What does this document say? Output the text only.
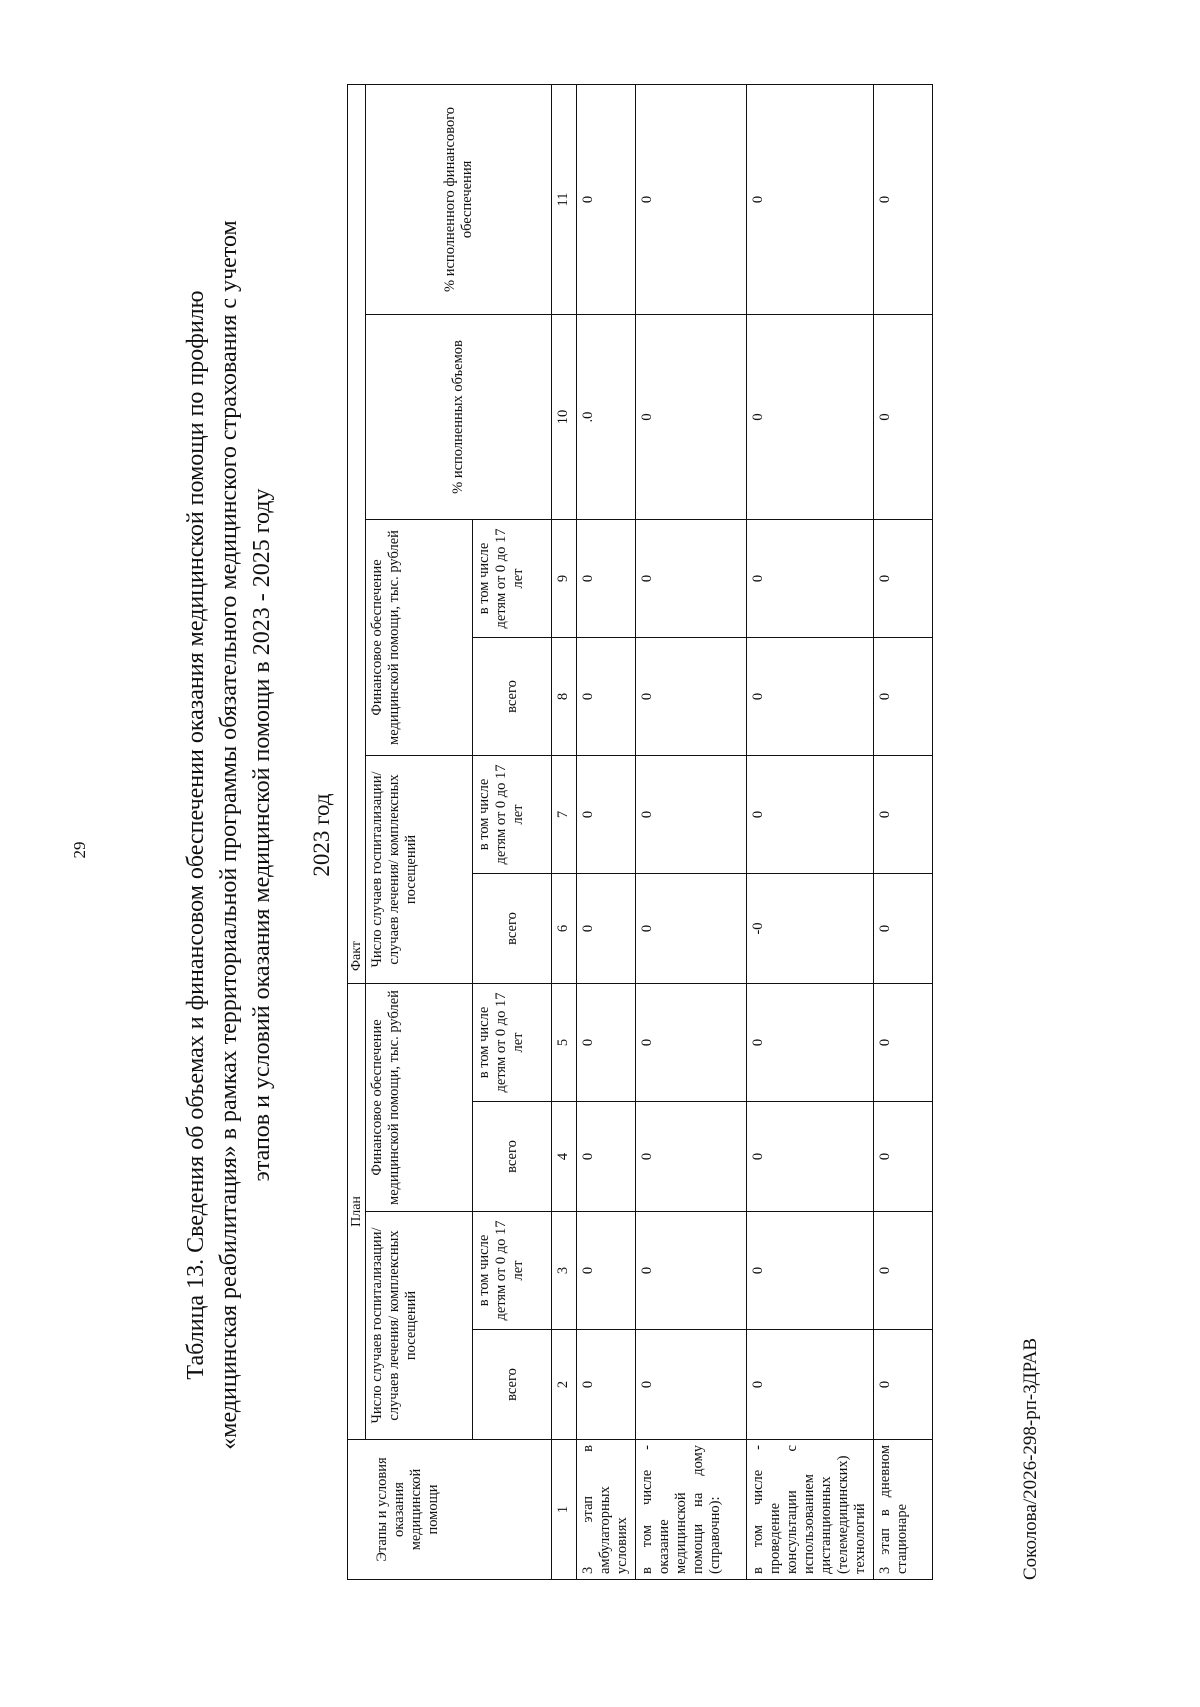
29
Соколова/2026-298-рп-ЗДРАВ
Таблица 13. Сведения об объемах и финансовом обеспечении оказания медицинской помощи по профилю «медицинская реабилитация» в рамках территориальной программы обязательного медицинского страхования с учетом этапов и условий оказания медицинской помощи в 2023 - 2025 году 2023 год
Этапы и условия оказания медицинской помощи	План				Факт					
	Число случаев госпитализации/ случаев лечения/ комплексных посещений		Финансовое обеспечение медицинской помощи, тыс. рублей		Число случаев госпитализации/ случаев лечения/ комплексных посещений		Финансовое обеспечение медицинской помощи, тыс. рублей		% исполненных объемов	% исполненного финансового обеспечения
	всего	в том числе детям от 0 до 17 лет	всего	в том числе детям от 0 до 17 лет	всего	в том числе детям от 0 до 17 лет	всего	в том числе детям от 0 до 17 лет		
1	2	3	4	5	6	7	8	9	10	11
3 этап в амбулаторных условиях	0	0	0	0	0	0	0	0	.0	0
в том числе - оказание медицинской помощи на дому (справочно):	0	0	0	0	0	0	0	0	0	0
в том числе - проведение консультации с использованием дистанционных (телемедицинских) технологий	0	0	0	0	-0	0	0	0	0	0
3 этап в дневном стационаре	0	0	0	0	0	0	0	0	0	0
